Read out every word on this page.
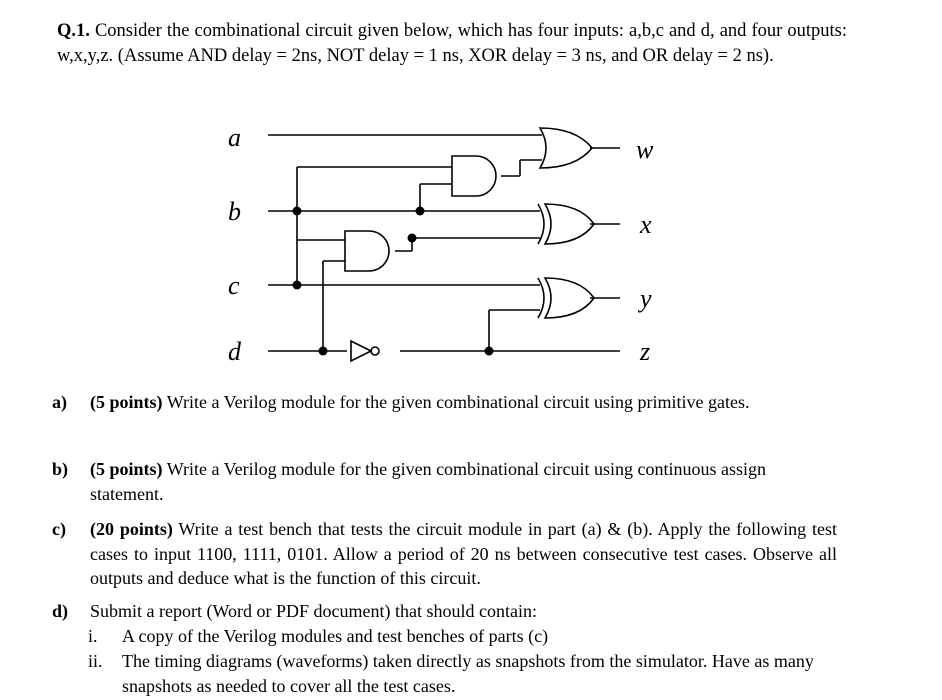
Q.1. Consider the combinational circuit given below, which has four inputs: a,b,c and d, and four outputs: w,x,y,z. (Assume AND delay = 2ns, NOT delay = 1 ns, XOR delay = 3 ns, and OR delay = 2 ns).

a
b
c
d
w
x
y
z
a) (5 points) Write a Verilog module for the given combinational circuit using primitive gates.
b) (5 points) Write a Verilog module for the given combinational circuit using continuous assign statement.
c) (20 points) Write a test bench that tests the circuit module in part (a) & (b). Apply the following test cases to input 1100, 1111, 0101. Allow a period of 20 ns between consecutive test cases. Observe all outputs and deduce what is the function of this circuit.
d) Submit a report (Word or PDF document) that should contain:
i. A copy of the Verilog modules and test benches of parts (c)
ii. The timing diagrams (waveforms) taken directly as snapshots from the simulator. Have as many snapshots as needed to cover all the test cases.
